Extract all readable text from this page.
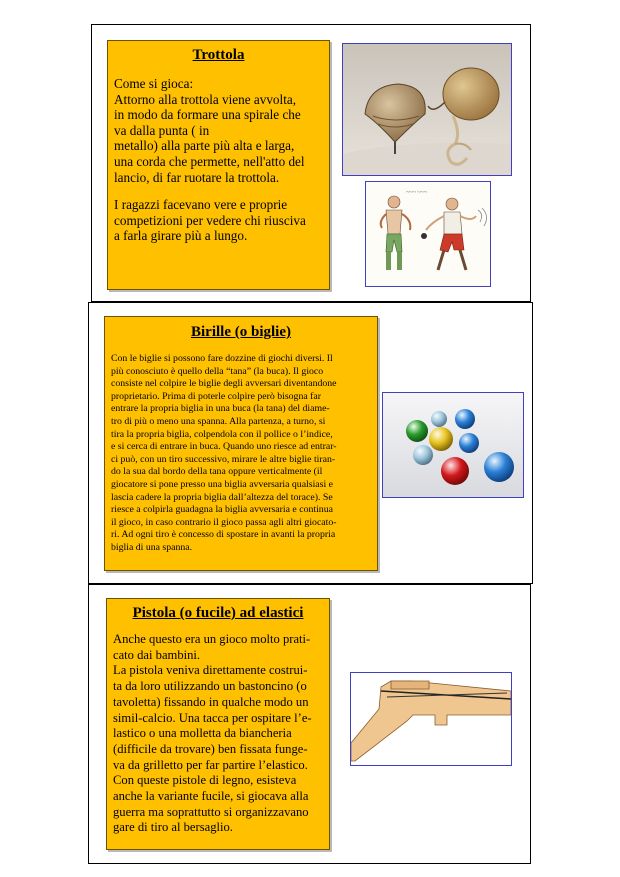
Trottola
Come si gioca:
Attorno alla trottola viene avvolta,
in modo da formare una spirale che
va dalla punta ( in
metallo) alla parte più alta e larga,
una corda che permette, nell'atto del
lancio, di far ruotare la trottola.
I ragazzi facevano vere e proprie
competizioni per vedere chi riusciva
a farla girare più a lungo.
~~~ ~~~
Birille (o biglie)
Con le biglie si possono fare dozzine di giochi diversi. Il
più conosciuto è quello della “tana” (la buca). Il gioco
consiste nel colpire le biglie degli avversari diventandone
proprietario. Prima di poterle colpire però bisogna far
entrare la propria biglia in una buca (la tana) del diame-
tro di più o meno una spanna. Alla partenza, a turno, si
tira la propria biglia, colpendola con il pollice o l’indice,
e si cerca di entrare in buca. Quando uno riesce ad entrar-
ci può, con un tiro successivo, mirare le altre biglie tiran-
do la sua dal bordo della tana oppure verticalmente (il
giocatore si pone presso una biglia avversaria qualsiasi e
lascia cadere la propria biglia dall’altezza del torace). Se
riesce a colpirla guadagna la biglia avversaria e continua
il gioco, in caso contrario il gioco passa agli altri giocato-
ri. Ad ogni tiro è concesso di spostare in avanti la propria
biglia di una spanna.
Pistola (o fucile) ad elastici
Anche questo era un gioco molto prati-
cato dai bambini.
La pistola veniva direttamente costrui-
ta da loro utilizzando un bastoncino (o
tavoletta) fissando in qualche modo un
simil-calcio. Una tacca per ospitare l’e-
lastico o una molletta da biancheria
(difficile da trovare) ben fissata funge-
va da grilletto per far partire l’elastico.
Con queste pistole di legno, esisteva
anche la variante fucile, si giocava alla
guerra ma soprattutto si organizzavano
gare di tiro al bersaglio.
